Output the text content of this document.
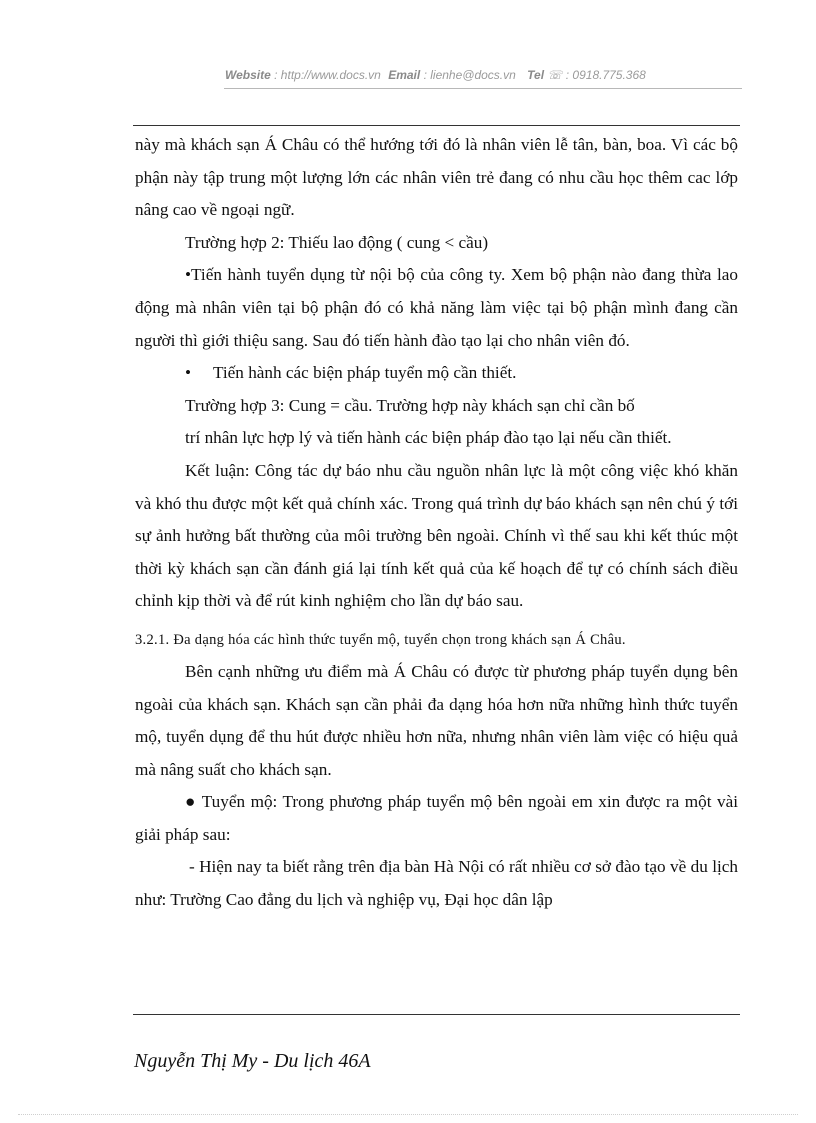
Website : http://www.docs.vn Email : lienhe@docs.vn Tel ☏ : 0918.775.368

này mà khách sạn Á Châu có thể hướng tới đó là nhân viên lễ tân, bàn, boa. Vì các bộ phận này tập trung một lượng lớn các nhân viên trẻ đang có nhu cầu học thêm cac lớp nâng cao về ngoại ngữ.

Trường hợp 2: Thiếu lao động ( cung < cầu)

•Tiến hành tuyển dụng từ nội bộ của công ty. Xem bộ phận nào đang thừa lao động mà nhân viên tại bộ phận đó có khả năng làm việc tại bộ phận mình đang cần người thì giới thiệu sang. Sau đó tiến hành đào tạo lại cho nhân viên đó.

• Tiến hành các biện pháp tuyển mộ cần thiết.

Trường hợp 3: Cung = cầu. Trường hợp này khách sạn chỉ cần bố

trí nhân lực hợp lý và tiến hành các biện pháp đào tạo lại nếu cần thiết.

Kết luận: Công tác dự báo nhu cầu nguồn nhân lực là một công việc khó khăn và khó thu được một kết quả chính xác. Trong quá trình dự báo khách sạn nên chú ý tới sự ảnh hưởng bất thường của môi trường bên ngoài. Chính vì thế sau khi kết thúc một thời kỳ khách sạn cần đánh giá lại tính kết quả của kế hoạch để tự có chính sách điều chỉnh kịp thời và để rút kinh nghiệm cho lần dự báo sau.

3.2.1. Đa dạng hóa các hình thức tuyển mộ, tuyển chọn trong khách sạn Á Châu.

Bên cạnh những ưu điểm mà Á Châu có được từ phương pháp tuyển dụng bên ngoài của khách sạn. Khách sạn cần phải đa dạng hóa hơn nữa những hình thức tuyển mộ, tuyển dụng để thu hút được nhiều hơn nữa, nhưng nhân viên làm việc có hiệu quả mà nâng suất cho khách sạn.

● Tuyển mộ: Trong phương pháp tuyển mộ bên ngoài em xin được ra một vài giải pháp sau:

- Hiện nay ta biết rằng trên địa bàn Hà Nội có rất nhiều cơ sở đào tạo về du lịch như: Trường Cao đẳng du lịch và nghiệp vụ, Đại học dân lập

Nguyễn Thị My - Du lịch 46A
